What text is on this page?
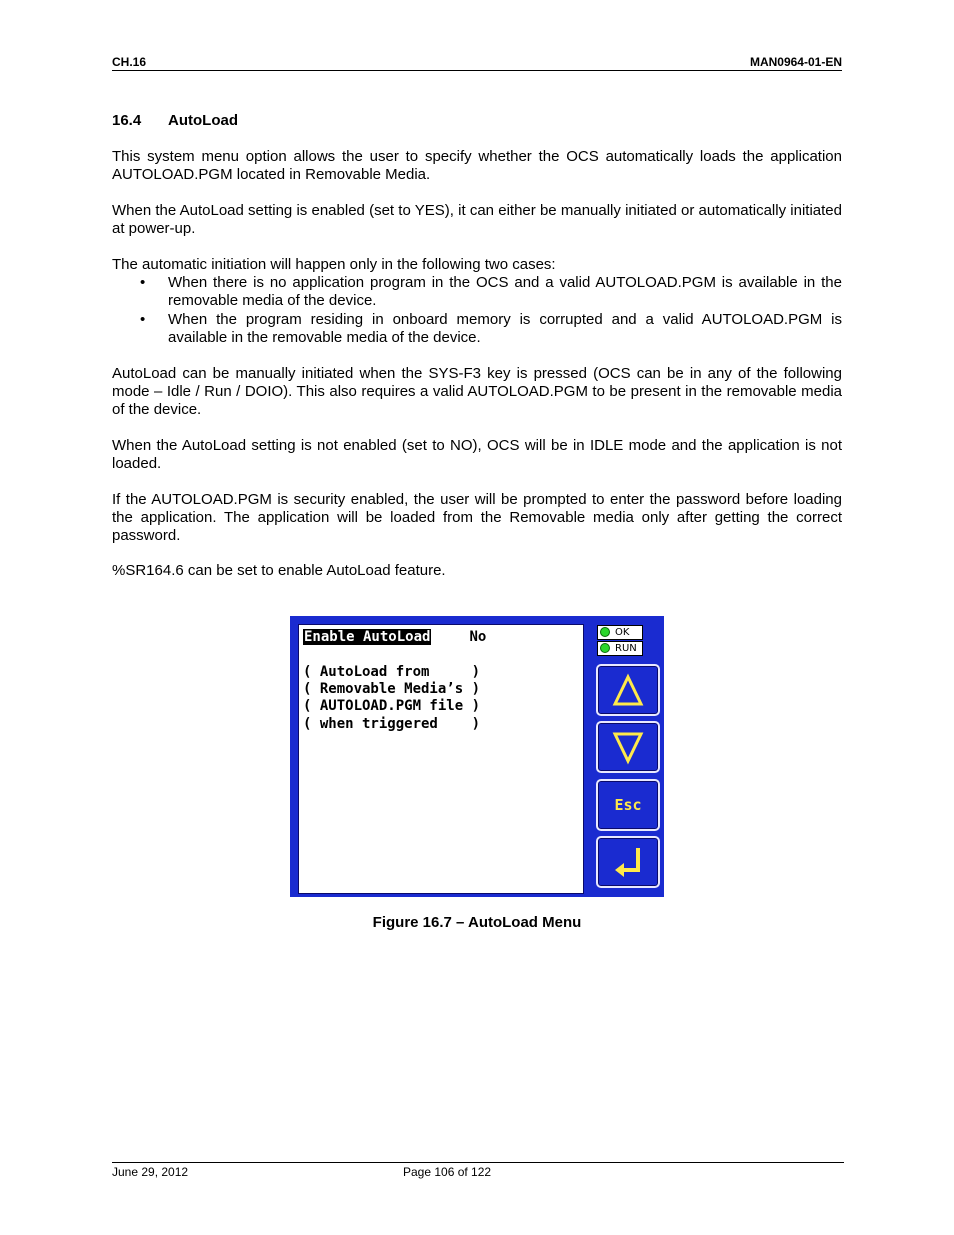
CH.16	MAN0964-01-EN
16.4 AutoLoad

This system menu option allows the user to specify whether the OCS automatically loads the application AUTOLOAD.PGM located in Removable Media.

When the AutoLoad setting is enabled (set to YES), it can either be manually initiated or automatically initiated at power-up.

The automatic initiation will happen only in the following two cases:

• When there is no application program in the OCS and a valid AUTOLOAD.PGM is available in the removable media of the device.
• When the program residing in onboard memory is corrupted and a valid AUTOLOAD.PGM is available in the removable media of the device.

AutoLoad can be manually initiated when the SYS-F3 key is pressed (OCS can be in any of the following mode – Idle / Run / DOIO). This also requires a valid AUTOLOAD.PGM to be present in the removable media of the device.

When the AutoLoad setting is not enabled (set to NO), OCS will be in IDLE mode and the application is not loaded.

If the AUTOLOAD.PGM is security enabled, the user will be prompted to enter the password before loading the application. The application will be loaded from the Removable media only after getting the correct password.

%SR164.6 can be set to enable AutoLoad feature.

Enable AutoLoad	No
( AutoLoad from     )
( Removable Media’s )
( AUTOLOAD.PGM file )
( when triggered    )
OK
RUN
Esc
Figure 16.7 – AutoLoad Menu
June 29, 2012	Page 106 of 122
